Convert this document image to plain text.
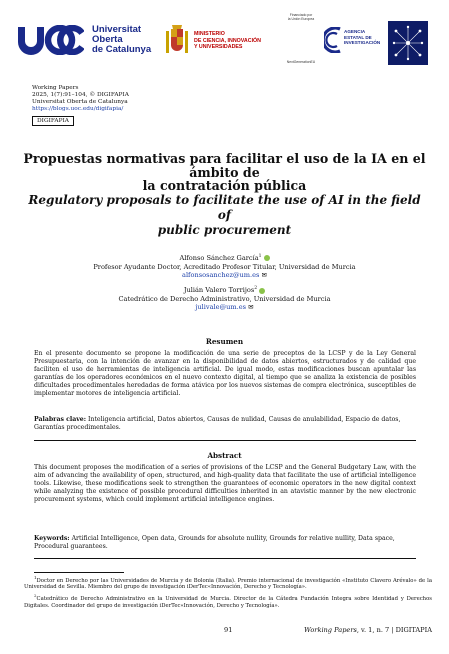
Universitat
Oberta
de Catalunya
MINISTERIO
DE CIENCIA, INNOVACIÓN
Y UNIVERSIDADES
Financiado por
la Unión Europea
NextGenerationEU
AGENCIA
ESTATAL DE
INVESTIGACIÓN
Working Papers
2025, 1(7):91–104, © DIGIFAPIA
Universitat Oberta de Catalunya
https://blogs.uoc.edu/digifapia/
DIGIFAPIA
Propuestas normativas para facilitar el uso de la IA en el ámbito de
la contratación pública
Regulatory proposals to facilitate the use of AI in the field of
public procurement
Alfonso Sánchez García$^1$
Profesor Ayudante Doctor, Acreditado Profesor Titular, Universidad de Murcia
alfonsosanchez@um.es ✉
Julián Valero Torrijos$^2$
Catedrático de Derecho Administrativo, Universidad de Murcia
julivale@um.es ✉
Resumen
En el presente documento se propone la modificación de una serie de preceptos de la LCSP y de la Ley General Presupuestaria, con la intención de avanzar en la disponibilidad de datos abiertos, estructurados y de calidad que faciliten el uso de herramientas de inteligencia artificial. De igual modo, estas modificaciones buscan apuntalar las garantías de los operadores económicos en el nuevo contexto digital, al tiempo que se analiza la existencia de posibles dificultades procedimentales heredadas de forma atávica por los nuevos sistemas de compra electrónica, susceptibles de implementar motores de inteligencia artificial.
Palabras clave: Inteligencia artificial, Datos abiertos, Causas de nulidad, Causas de anulabilidad, Espacio de datos, Garantías procedimentales.
Abstract
This document proposes the modification of a series of provisions of the LCSP and the General Budgetary Law, with the aim of advancing the availability of open, structured, and high-quality data that facilitate the use of artificial intelligence tools. Likewise, these modifications seek to strengthen the guarantees of economic operators in the new digital context while analyzing the existence of possible procedural difficulties inherited in an atavistic manner by the new electronic procurement systems, which could implement artificial intelligence engines.
Keywords: Artificial Intelligence, Open data, Grounds for absolute nullity, Grounds for relative nullity, Data space, Procedural guarantees.

$^1$Doctor en Derecho por las Universidades de Murcia y de Bolonia (Italia). Premio internacional de investigación «Instituto Clavero Arévalo» de la Universidad de Sevilla. Miembro del grupo de investigación iDerTec«Innovación, Derecho y Tecnología».

$^2$Catedrático de Derecho Administrativo en la Universidad de Murcia. Director de la Cátedra Fundación Integra sobre Identidad y Derechos Digitales. Coordinador del grupo de investigación iDerTec«Innovación, Derecho y Tecnología».

91	Working Papers, v. 1, n. 7 | DIGITAPIA
